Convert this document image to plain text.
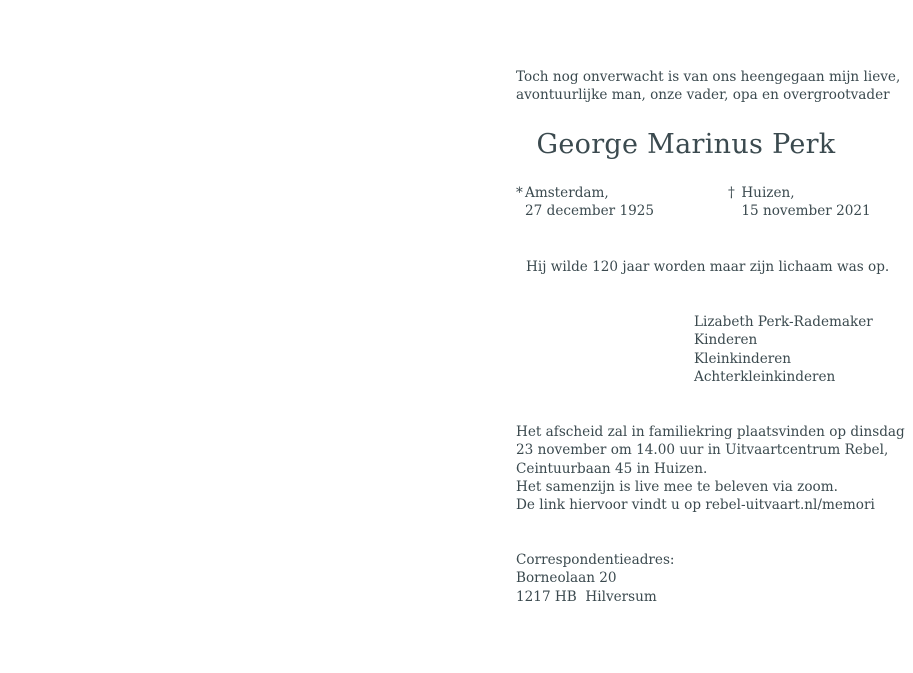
Toch nog onverwacht is van ons heengegaan mijn lieve,
avontuurlijke man, onze vader, opa en overgrootvader
George Marinus Perk
* Amsterdam,
27 december 1925
† Huizen,
15 november 2021
Hij wilde 120 jaar worden maar zijn lichaam was op.
Lizabeth Perk-Rademaker
Kinderen
Kleinkinderen
Achterkleinkinderen
Het afscheid zal in familiekring plaatsvinden op dinsdag
23 november om 14.00 uur in Uitvaartcentrum Rebel,
Ceintuurbaan 45 in Huizen.
Het samenzijn is live mee te beleven via zoom.
De link hiervoor vindt u op rebel-uitvaart.nl/memori
Correspondentieadres:
Borneolaan 20
1217 HB  Hilversum
